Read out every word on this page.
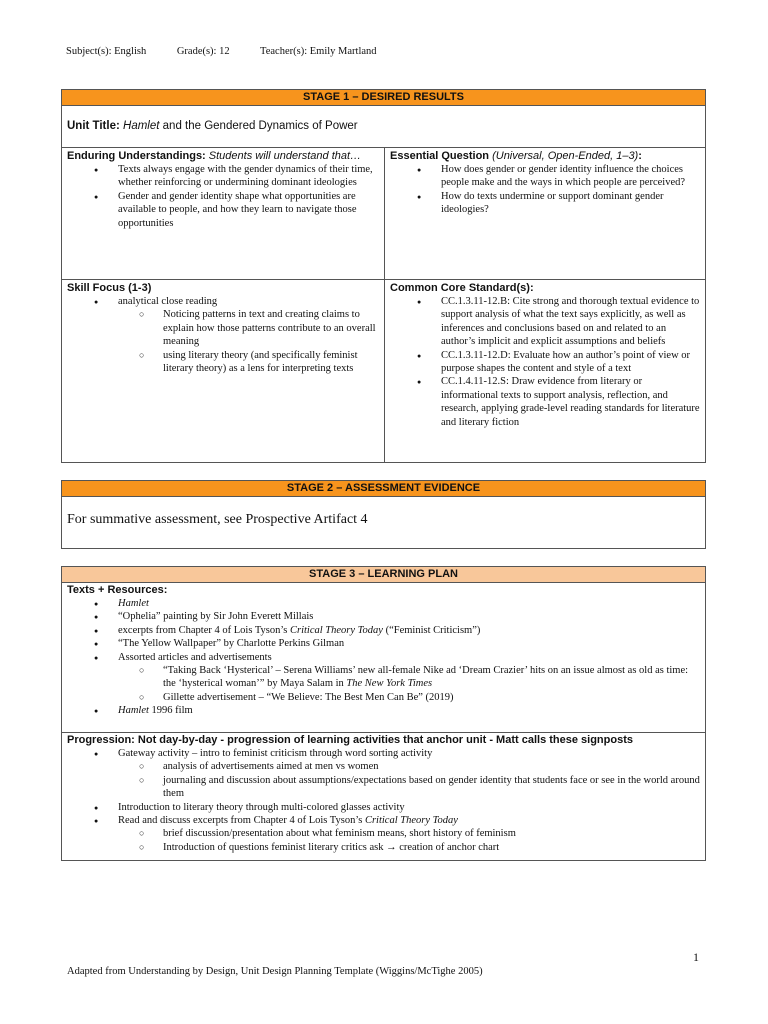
Subject(s): English	Grade(s): 12	Teacher(s): Emily Martland
STAGE 1 – DESIRED RESULTS
Unit Title: Hamlet and the Gendered Dynamics of Power
Enduring Understandings: Students will understand that…
● Texts always engage with the gender dynamics of their time, whether reinforcing or undermining dominant ideologies
● Gender and gender identity shape what opportunities are available to people, and how they learn to navigate those opportunities
Essential Question (Universal, Open-Ended, 1–3):
● How does gender or gender identity influence the choices people make and the ways in which people are perceived?
● How do texts undermine or support dominant gender ideologies?
Skill Focus (1-3)
● analytical close reading
○ Noticing patterns in text and creating claims to explain how those patterns contribute to an overall meaning
○ using literary theory (and specifically feminist literary theory) as a lens for interpreting texts
Common Core Standard(s):
● CC.1.3.11-12.B: Cite strong and thorough textual evidence to support analysis of what the text says explicitly, as well as inferences and conclusions based on and related to an author’s implicit and explicit assumptions and beliefs
● CC.1.3.11-12.D: Evaluate how an author’s point of view or purpose shapes the content and style of a text
● CC.1.4.11-12.S: Draw evidence from literary or informational texts to support analysis, reflection, and research, applying grade-level reading standards for literature and literary fiction
STAGE 2 – ASSESSMENT EVIDENCE
For summative assessment, see Prospective Artifact 4
STAGE 3 – LEARNING PLAN
Texts + Resources:
● Hamlet
● “Ophelia” painting by Sir John Everett Millais
● excerpts from Chapter 4 of Lois Tyson’s Critical Theory Today (“Feminist Criticism”)
● “The Yellow Wallpaper” by Charlotte Perkins Gilman
● Assorted articles and advertisements
○ “Taking Back ‘Hysterical’ – Serena Williams’ new all-female Nike ad ‘Dream Crazier’ hits on an issue almost as old as time: the ‘hysterical woman’” by Maya Salam in The New York Times
○ Gillette advertisement – “We Believe: The Best Men Can Be” (2019)
● Hamlet 1996 film
Progression: Not day-by-day - progression of learning activities that anchor unit - Matt calls these signposts
● Gateway activity – intro to feminist criticism through word sorting activity
○ analysis of advertisements aimed at men vs women
○ journaling and discussion about assumptions/expectations based on gender identity that students face or see in the world around them
● Introduction to literary theory through multi-colored glasses activity
● Read and discuss excerpts from Chapter 4 of Lois Tyson’s Critical Theory Today
○ brief discussion/presentation about what feminism means, short history of feminism
○ Introduction of questions feminist literary critics ask → creation of anchor chart
1
Adapted from Understanding by Design, Unit Design Planning Template (Wiggins/McTighe 2005)
